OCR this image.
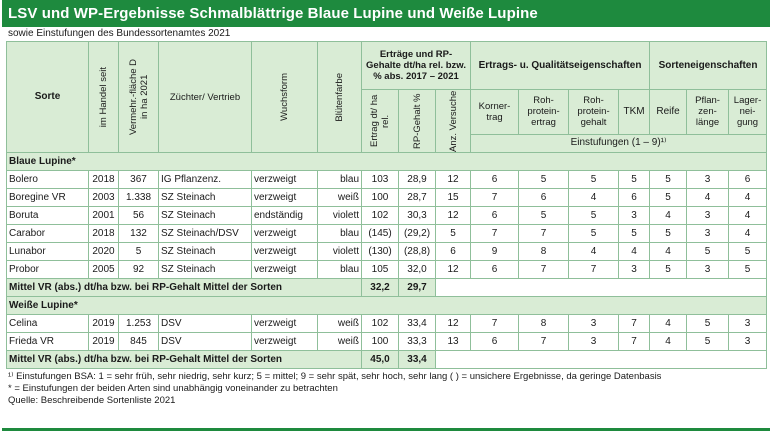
LSV und WP-Ergebnisse Schmalblättrige Blaue Lupine und Weiße Lupine
sowie Einstufungen des Bundessortenamtes 2021
Sorte	im Handel seit	Vermehr.-fläche D in ha 2021	Züchter/ Vertrieb	Wuchsform	Blütenfarbe	Erträge und RP-Gehalte dt/ha rel. bzw. % abs. 2017 – 2021			Ertrags- u. Qualitätseigenschaften				Sorteneigenschaften		

						Ertrag dt/ ha rel.	RP-Gehalt %	Anz. Versuche	Korner- trag	Roh- protein- ertrag	Roh- protein- gehalt	TKM	Reife	Pflan- zen- länge	Lager- nei- gung
									Einstufungen (1 – 9)¹⁾						
Blaue Lupine*															
Bolero	2018	367	IG Pflanzenz.	verzweigt	blau	103	28,9	12	6	5	5	5	5	3	6
Boregine VR	2003	1.338	SZ Steinach	verzweigt	weiß	100	28,7	15	7	6	4	6	5	4	4
Boruta	2001	56	SZ Steinach	endständig	violett	102	30,3	12	6	5	5	3	4	3	4
Carabor	2018	132	SZ Steinach/DSV	verzweigt	blau	(145)	(29,2)	5	7	7	5	5	5	3	4
Lunabor	2020	5	SZ Steinach	verzweigt	violett	(130)	(28,8)	6	9	8	4	4	4	5	5
Probor	2005	92	SZ Steinach	verzweigt	blau	105	32,0	12	6	7	7	3	5	3	5
Mittel VR (abs.) dt/ha bzw. bei RP-Gehalt Mittel der Sorten						32,2	29,7								
Weiße Lupine*															
Celina	2019	1.253	DSV	verzweigt	weiß	102	33,4	12	7	8	3	7	4	5	3
Frieda VR	2019	845	DSV	verzweigt	weiß	100	33,3	13	6	7	3	7	4	5	3
Mittel VR (abs.) dt/ha bzw. bei RP-Gehalt Mittel der Sorten						45,0	33,4								
¹⁾ Einstufungen BSA: 1 = sehr früh, sehr niedrig, sehr kurz; 5 = mittel; 9 = sehr spät, sehr hoch, sehr lang ( ) = unsichere Ergebnisse, da geringe Datenbasis
* = Einstufungen der beiden Arten sind unabhängig voneinander zu betrachten
Quelle: Beschreibende Sortenliste 2021
